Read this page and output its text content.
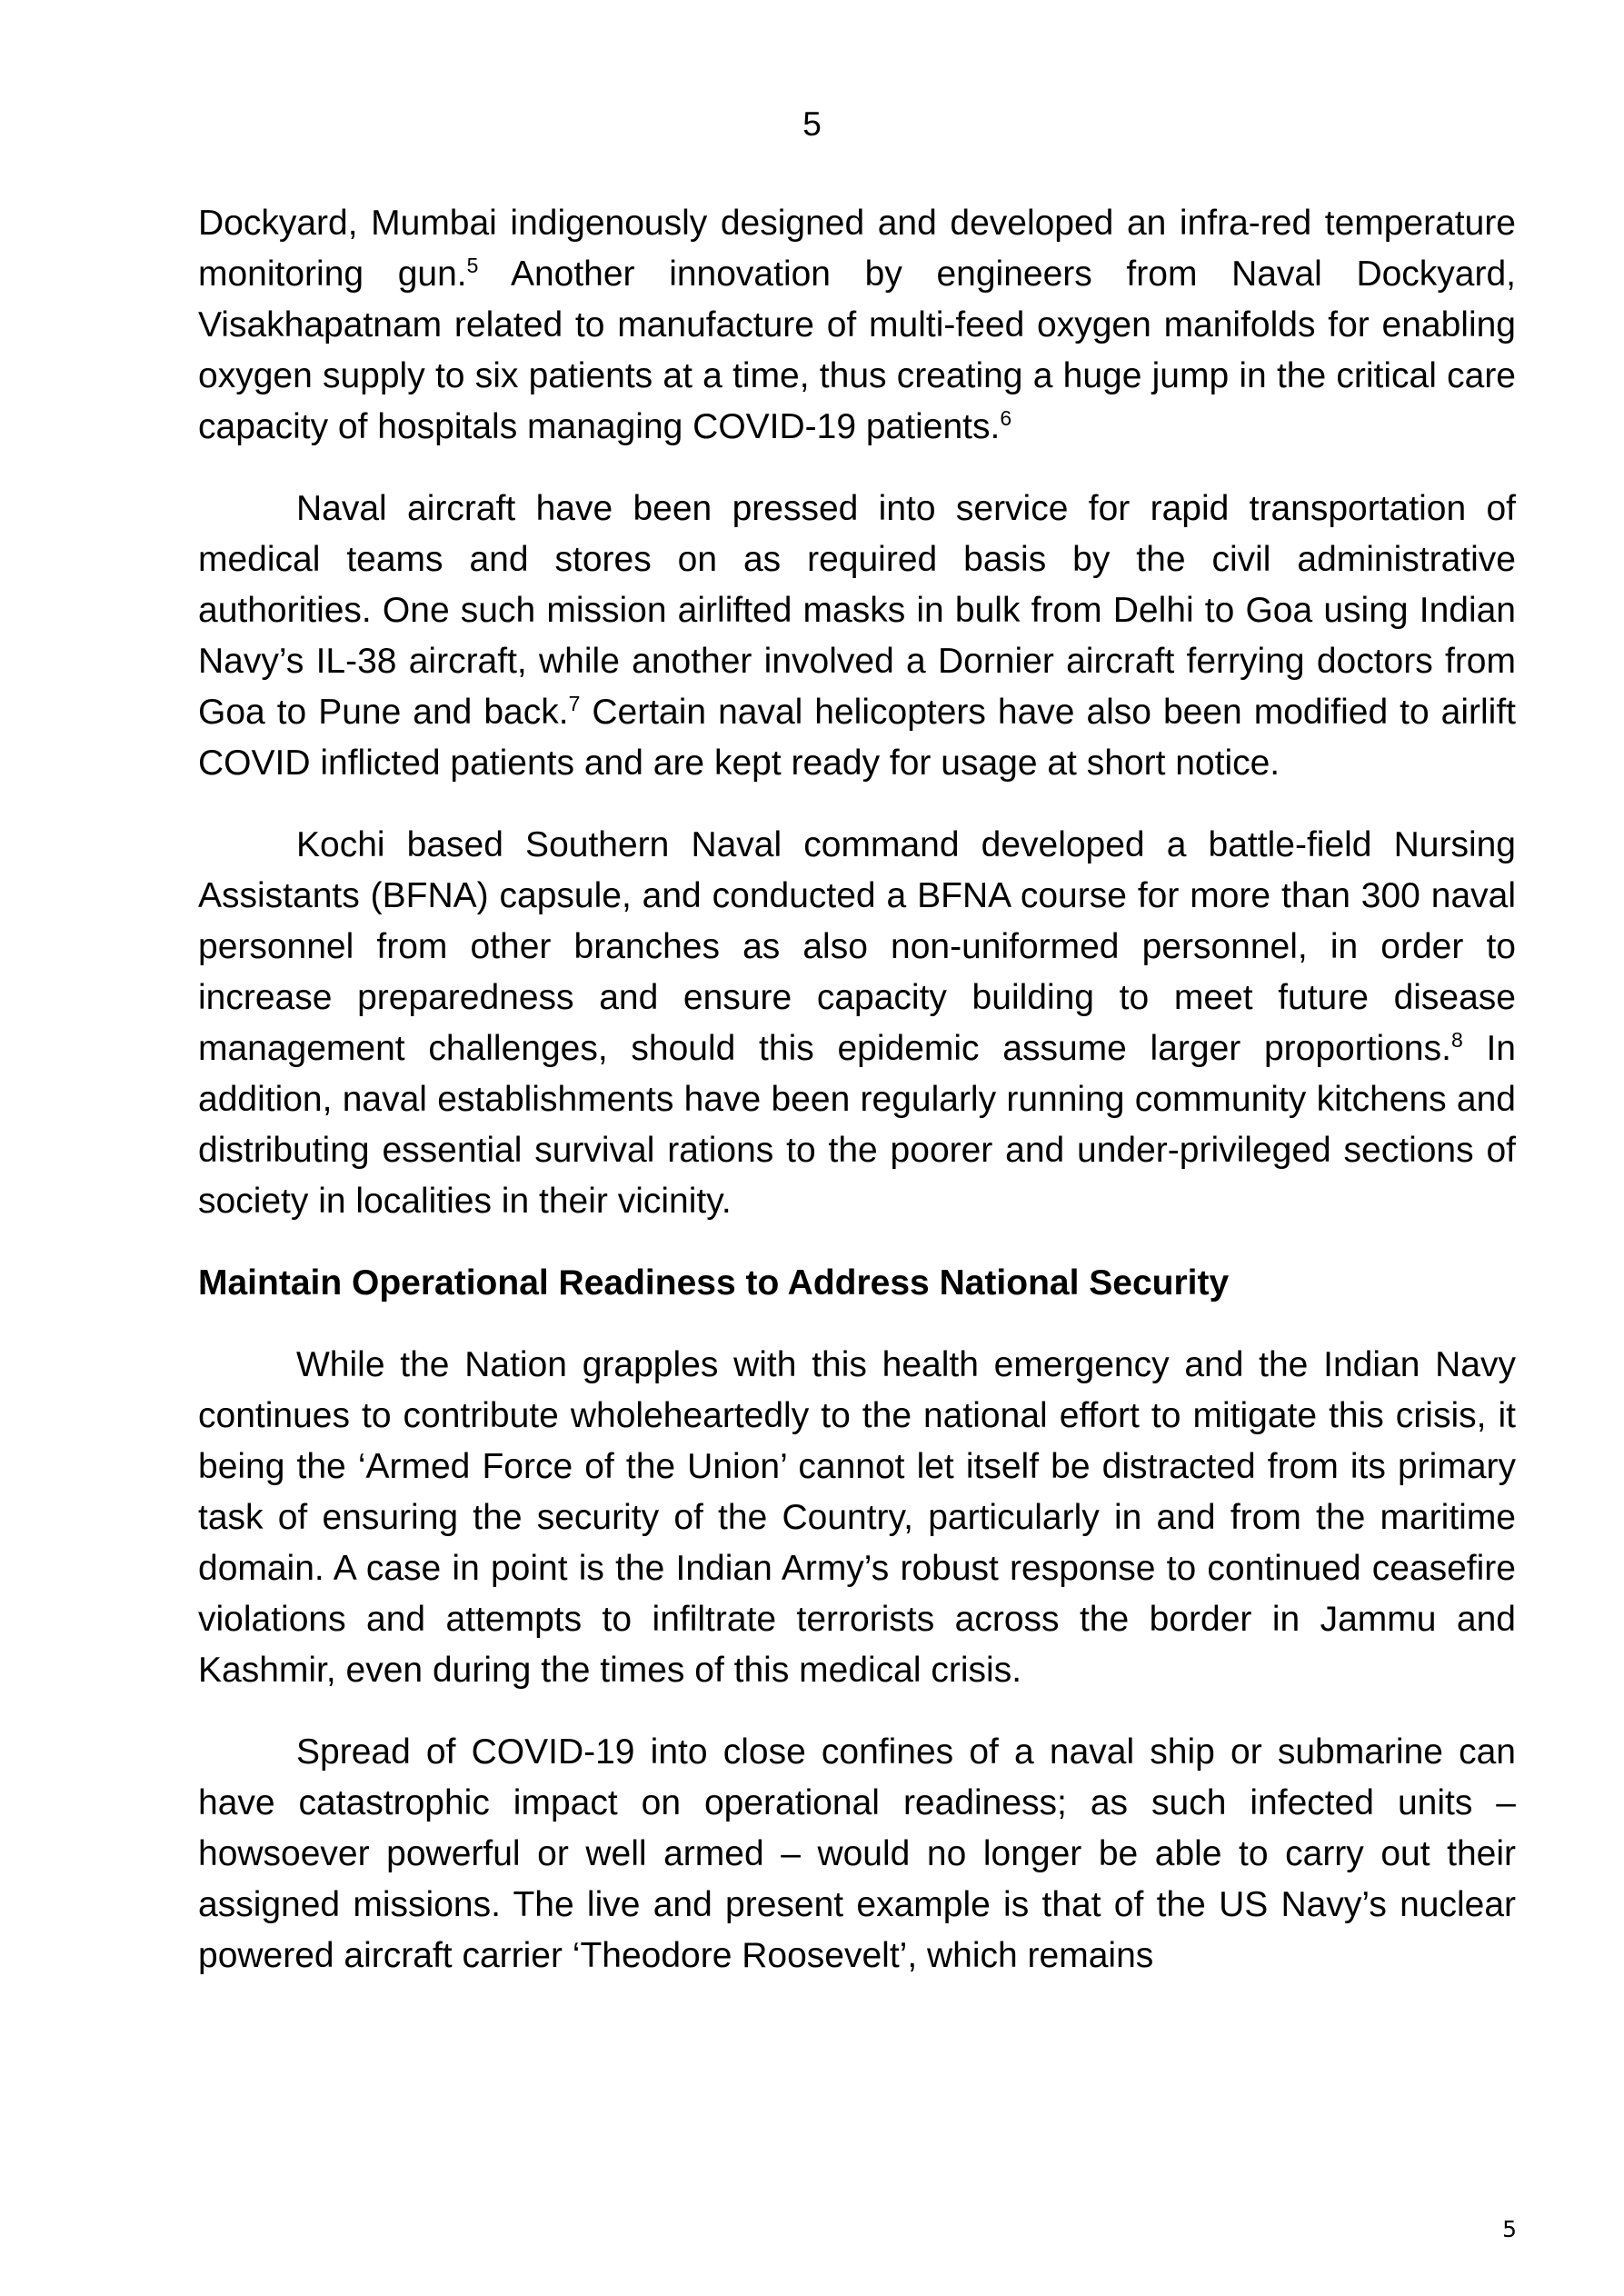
5

Dockyard, Mumbai indigenously designed and developed an infra-red temperature monitoring gun.$^5$ Another innovation by engineers from Naval Dockyard, Visakhapatnam related to manufacture of multi-feed oxygen manifolds for enabling oxygen supply to six patients at a time, thus creating a huge jump in the critical care capacity of hospitals managing COVID-19 patients.$^6$

Naval aircraft have been pressed into service for rapid transportation of medical teams and stores on as required basis by the civil administrative authorities. One such mission airlifted masks in bulk from Delhi to Goa using Indian Navy’s IL-38 aircraft, while another involved a Dornier aircraft ferrying doctors from Goa to Pune and back.$^7$ Certain naval helicopters have also been modified to airlift COVID inflicted patients and are kept ready for usage at short notice.

Kochi based Southern Naval command developed a battle-field Nursing Assistants (BFNA) capsule, and conducted a BFNA course for more than 300 naval personnel from other branches as also non-uniformed personnel, in order to increase preparedness and ensure capacity building to meet future disease management challenges, should this epidemic assume larger proportions.$^8$ In addition, naval establishments have been regularly running community kitchens and distributing essential survival rations to the poorer and under-privileged sections of society in localities in their vicinity.

Maintain Operational Readiness to Address National Security

While the Nation grapples with this health emergency and the Indian Navy continues to contribute wholeheartedly to the national effort to mitigate this crisis, it being the ‘Armed Force of the Union’ cannot let itself be distracted from its primary task of ensuring the security of the Country, particularly in and from the maritime domain. A case in point is the Indian Army’s robust response to continued ceasefire violations and attempts to infiltrate terrorists across the border in Jammu and Kashmir, even during the times of this medical crisis.

Spread of COVID-19 into close confines of a naval ship or submarine can have catastrophic impact on operational readiness; as such infected units – howsoever powerful or well armed – would no longer be able to carry out their assigned missions. The live and present example is that of the US Navy’s nuclear powered aircraft carrier ‘Theodore Roosevelt’, which remains

5
